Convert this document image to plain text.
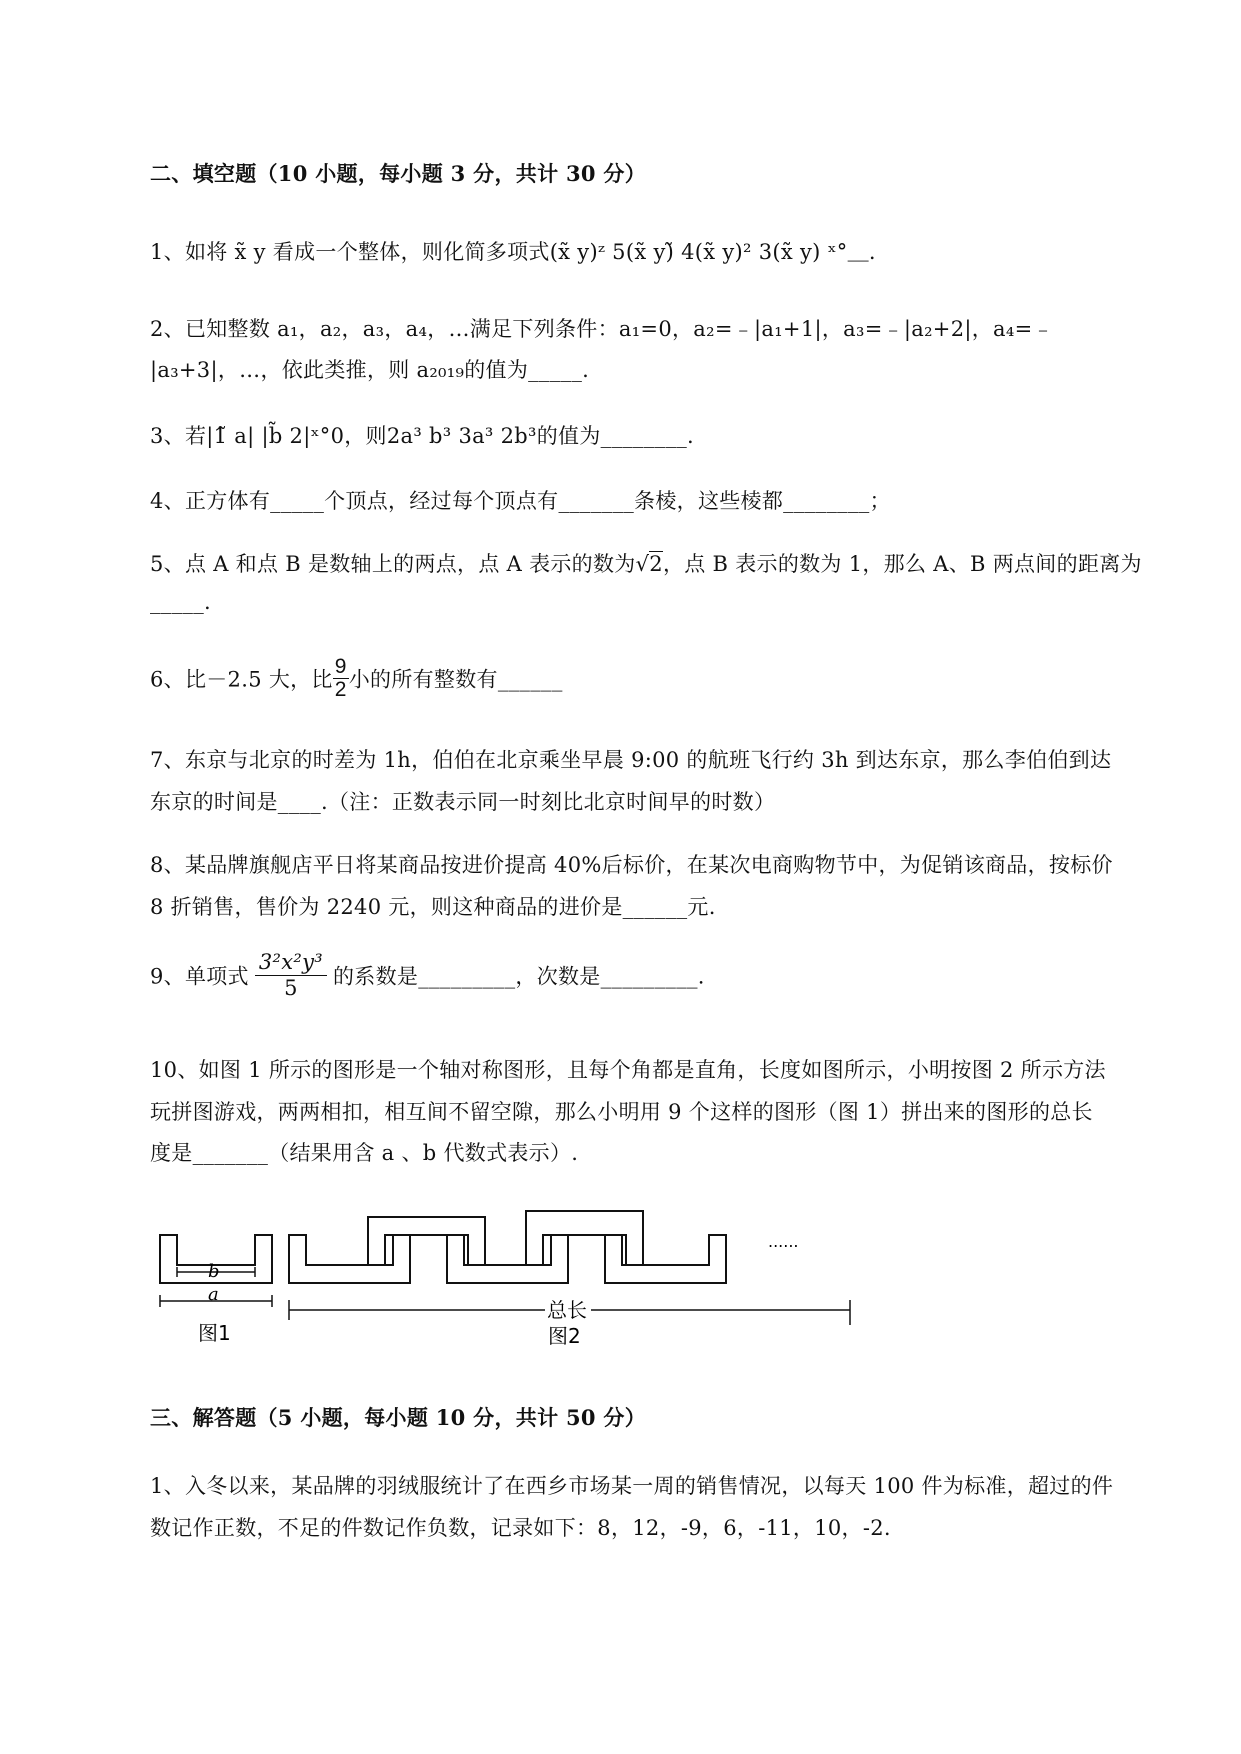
二、填空题（10 小题，每小题 3 分，共计 30 分）
1、如将 x̃ y 看成一个整体，则化简多项式(x̃ y)ᶻ 5(x̃ y)̃ 4(x̃ y)² 3(x̃ y) ˣ°＿.
2、已知整数 a₁，a₂，a₃，a₄，…满足下列条件：a₁=0，a₂=﹣|a₁+1|，a₃=﹣|a₂+2|，a₄=﹣
|a₃+3|，…，依此类推，则 a₂₀₁₉的值为_____.
3、若|1̃ a| |b̃ 2|ˣ°0，则2a³ b³ 3a³ 2b³的值为________.
4、正方体有_____个顶点，经过每个顶点有_______条棱，这些棱都________；
5、点 A 和点 B 是数轴上的两点，点 A 表示的数为√2，点 B 表示的数为 1，那么 A、B 两点间的距离为
_____.
6、比－2.5 大，比 $\frac{9}{2}$ 小的所有整数有______
7、东京与北京的时差为 1h，伯伯在北京乘坐早晨 9:00 的航班飞行约 3h 到达东京，那么李伯伯到达
东京的时间是____.（注：正数表示同一时刻比北京时间早的时数）
8、某品牌旗舰店平日将某商品按进价提高 40%后标价，在某次电商购物节中，为促销该商品，按标价
8 折销售，售价为 2240 元，则这种商品的进价是______元.
9、单项式 $\frac{\text{3²x²y³}}{5}$ 的系数是_________，次数是_________.
10、如图 1 所示的图形是一个轴对称图形，且每个角都是直角，长度如图所示，小明按图 2 所示方法
玩拼图游戏，两两相扣，相互间不留空隙，那么小明用 9 个这样的图形（图 1）拼出来的图形的总长
度是_______（结果用含 a 、b 代数式表示）.
b
a
图1
......
总长
图2
三、解答题（5 小题，每小题 10 分，共计 50 分）
1、入冬以来，某品牌的羽绒服统计了在西乡市场某一周的销售情况，以每天 100 件为标准，超过的件
数记作正数，不足的件数记作负数，记录如下：8，12，-9，6，-11，10，-2.
